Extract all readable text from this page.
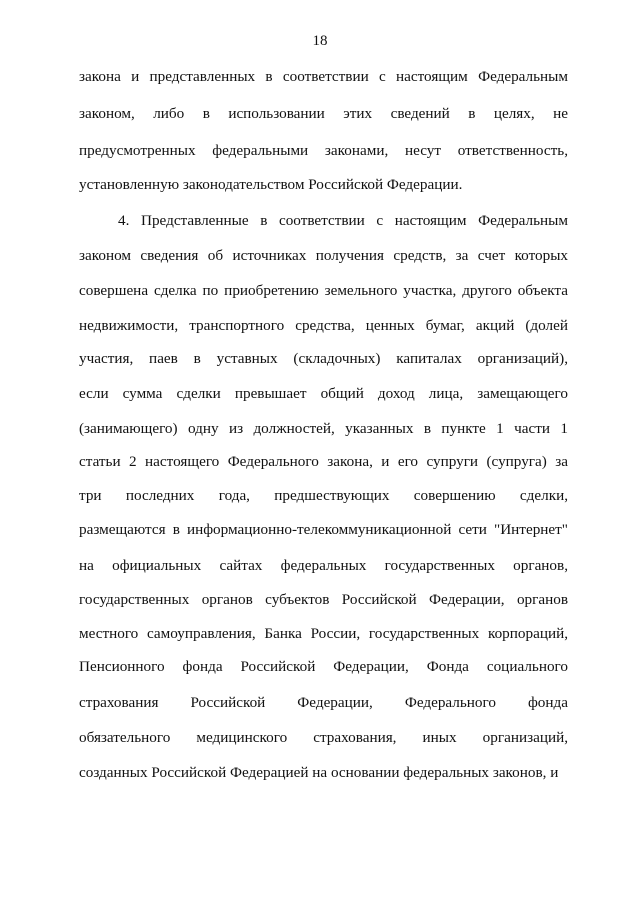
18
закона и представленных в соответствии с настоящим Федеральным
законом, либо в использовании этих сведений в целях, не
предусмотренных федеральными законами, несут ответственность,
установленную законодательством Российской Федерации.
4. Представленные в соответствии с настоящим Федеральным
законом сведения об источниках получения средств, за счет которых
совершена сделка по приобретению земельного участка, другого объекта
недвижимости, транспортного средства, ценных бумаг, акций (долей
участия, паев в уставных (складочных) капиталах организаций),
если сумма сделки превышает общий доход лица, замещающего
(занимающего) одну из должностей, указанных в пункте 1 части 1
статьи 2 настоящего Федерального закона, и его супруги (супруга) за
три последних года, предшествующих совершению сделки,
размещаются в информационно-телекоммуникационной сети "Интернет"
на официальных сайтах федеральных государственных органов,
государственных органов субъектов Российской Федерации, органов
местного самоуправления, Банка России, государственных корпораций,
Пенсионного фонда Российской Федерации, Фонда социального
страхования Российской Федерации, Федерального фонда
обязательного медицинского страхования, иных организаций,
созданных Российской Федерацией на основании федеральных законов, и
